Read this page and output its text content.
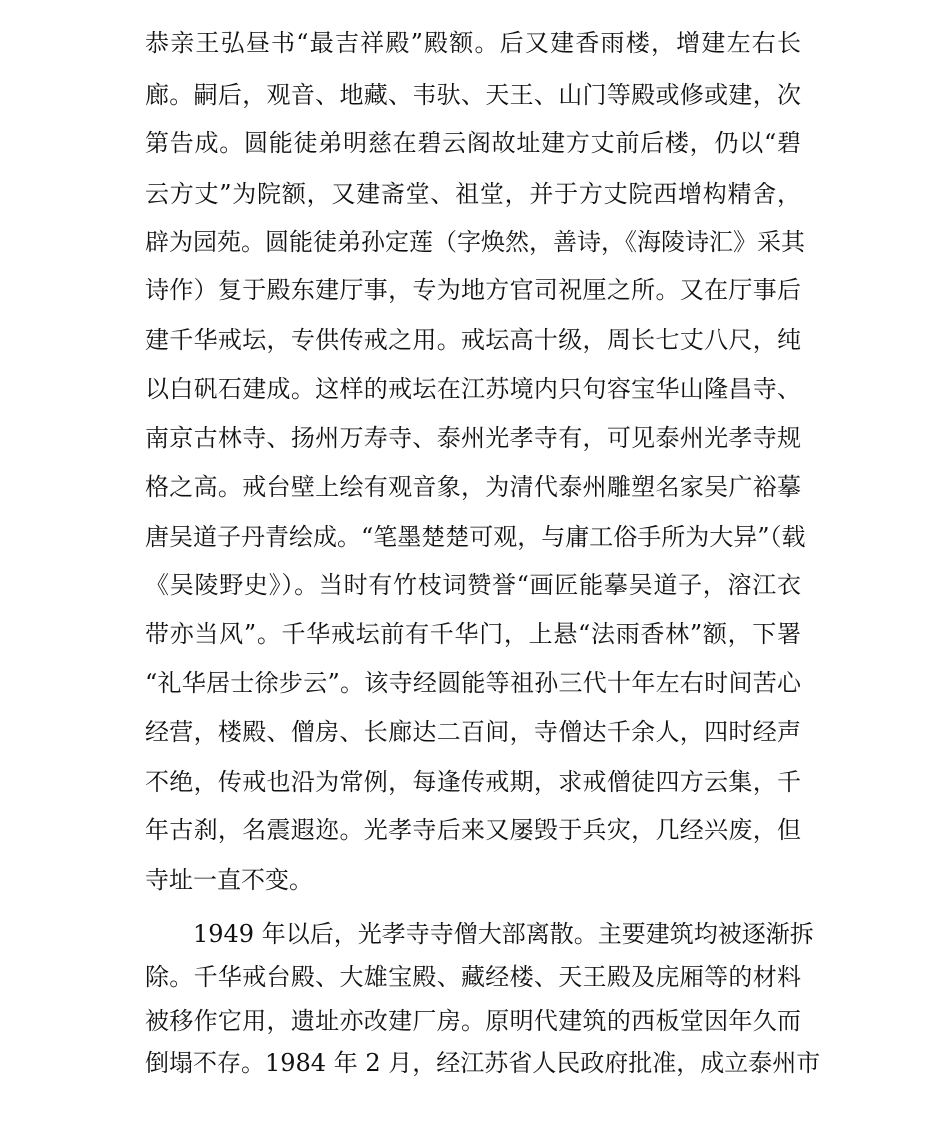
恭亲王弘昼书“最吉祥殿”殿额。后又建香雨楼，增建左右长
廊。嗣后，观音、地藏、韦驮、天王、山门等殿或修或建，次
第告成。圆能徒弟明慈在碧云阁故址建方丈前后楼，仍以“碧
云方丈”为院额，又建斋堂、祖堂，并于方丈院西增构精舍，
辟为园苑。圆能徒弟孙定莲（字焕然，善诗，《海陵诗汇》采其
诗作）复于殿东建厅事，专为地方官司祝厘之所。又在厅事后
建千华戒坛，专供传戒之用。戒坛高十级，周长七丈八尺，纯
以白矾石建成。这样的戒坛在江苏境内只句容宝华山隆昌寺、
南京古林寺、扬州万寿寺、泰州光孝寺有，可见泰州光孝寺规
格之高。戒台壁上绘有观音象，为清代泰州雕塑名家吴广裕摹
唐吴道子丹青绘成。“笔墨楚楚可观，与庸工俗手所为大异”（载
《吴陵野史》）。当时有竹枝词赞誉“画匠能摹吴道子，溶江衣
带亦当风”。千华戒坛前有千华门，上悬“法雨香林”额，下署
“礼华居士徐步云”。该寺经圆能等祖孙三代十年左右时间苦心
经营，楼殿、僧房、长廊达二百间，寺僧达千余人，四时经声
不绝，传戒也沿为常例，每逢传戒期，求戒僧徒四方云集，千
年古刹，名震遐迩。光孝寺后来又屡毁于兵灾，几经兴废，但
寺址一直不变。
1949 年以后，光孝寺寺僧大部离散。主要建筑均被逐渐拆
除。千华戒台殿、大雄宝殿、藏经楼、天王殿及庑厢等的材料
被移作它用，遗址亦改建厂房。原明代建筑的西板堂因年久而
倒塌不存。1984 年 2 月，经江苏省人民政府批准，成立泰州市
